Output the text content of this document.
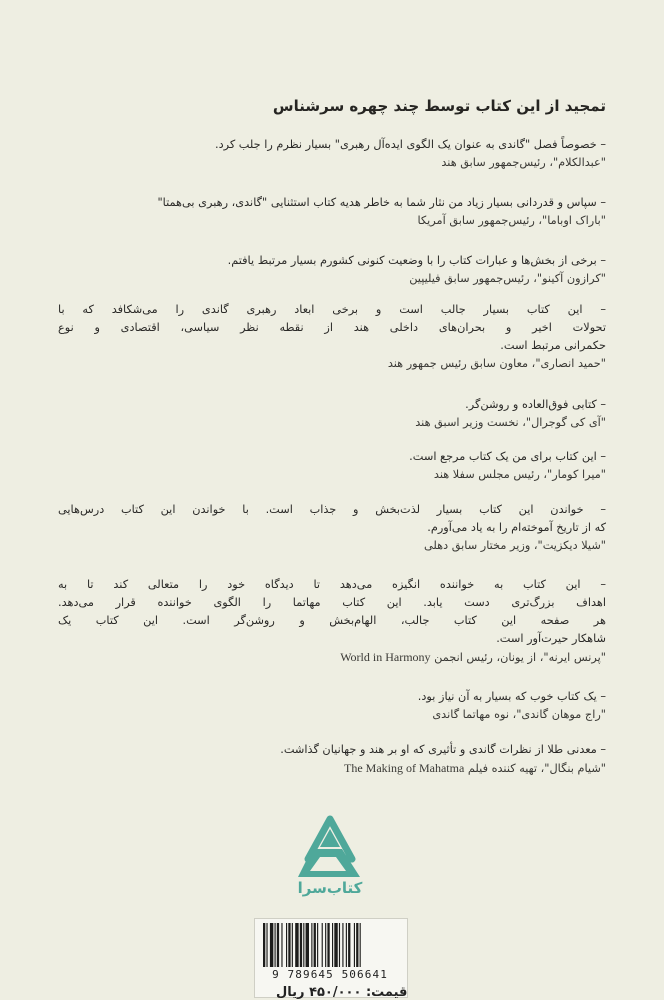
تمجید از این کتاب توسط چند چهره سرشناس
– خصوصاً فصل "گاندی به عنوان یک الگوی ایده‌آل رهبری" بسیار نظرم را جلب کرد.
"عبدالکلام"، رئیس‌جمهور سابق هند
– سپاس و قدردانی بسیار زیاد من نثار شما به خاطر هدیه کتاب استثنایی "گاندی، رهبری بی‌همتا"
"باراک اوباما"، رئیس‌جمهور سابق آمریکا
– برخی از بخش‌ها و عبارات کتاب را با وضعیت کنونی کشورم بسیار مرتبط یافتم.
"کرازون آکینو"، رئیس‌جمهور سابق فیلیپین
– این کتاب بسیار جالب است و برخی ابعاد رهبری گاندی را می‌شکافد که با
تحولات اخیر و بحران‌های داخلی هند از نقطه نظر سیاسی، اقتصادی و نوع
حکمرانی مرتبط است.
"حمید انصاری"، معاون سابق رئیس جمهور هند
– کتابی فوق‌العاده و روشن‌گر.
"آی کی گوجرال"، نخست وزیر اسبق هند
– این کتاب برای من یک کتاب مرجع است.
"میرا کومار"، رئیس مجلس سفلا هند
– خواندن این کتاب بسیار لذت‌بخش و جذاب است. با خواندن این کتاب درس‌هایی
که از تاریخ آموخته‌ام را به یاد می‌آورم.
"شیلا دیکزیت"، وزیر مختار سابق دهلی
– این کتاب به خواننده انگیزه می‌دهد تا دیدگاه خود را متعالی کند تا به
اهداف بزرگ‌تری دست یابد. این کتاب مهاتما را الگوی خواننده قرار می‌دهد.
هر صفحه این کتاب جالب، الهام‌بخش و روشن‌گر است. این کتاب یک
شاهکار حیرت‌آور است.
"پرنس ایرنه"، از یونان، رئیس انجمن World in Harmony
– یک کتاب خوب که بسیار به آن نیاز بود.
"راج موهان گاندی"، نوه مهاتما گاندی
– معدنی طلا از نظرات گاندی و تأثیری که او بر هند و جهانیان گذاشت.
"شیام بنگال"، تهیه کننده فیلم The Making of Mahatma
کتاب‌سرا
9 789645 506641
قیمت: ۴۵۰/۰۰۰ ریال
